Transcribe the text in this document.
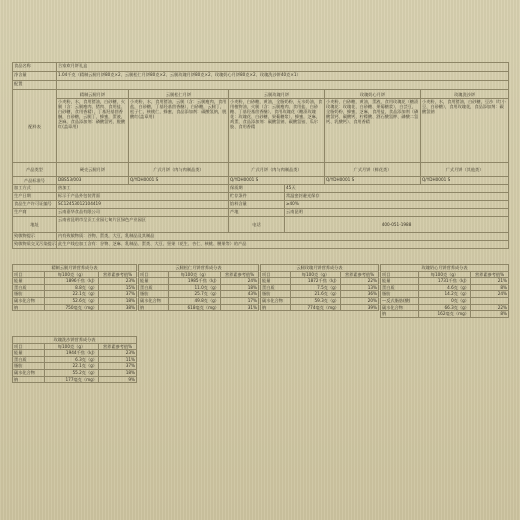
食品名称	合家欢月饼礼盒					
净含量	1.04千克（精制云腿月饼80克×2、云腿松仁月饼80克×2、云腿玫瑰月饼80克×2、玫瑰奶心月饼80克×2、玫瑰洗沙饼40克×1）					
配置						
配料表	精制云腿月饼	云腿松仁月饼	云腿玫瑰月饼		玫瑰奶心月饼	玫瑰洗沙饼
	小麦粉，水，食用猪油，白砂糖，火腿（含：云腿瘦肉、猪肉、食用盐、白砂糖，食用香精），丁基羟基茴香醚，白砂糖，云腿丁，蜂蜜，蛋液，芝麻，食品添加剂：磷酸氢钙，脱酸红(盖章用)	小麦粉，水，食用猪油，云腿（含：云腿瘦肉，食用盐，白砂糖，丁基羟基茴香醚），白砂糖，云腿丁，松子仁，核桃仁，蜂蜜，食品添加剂：碳酸氢钠，脱酸红(盖章用)	小麦粉，白砂糖，黄油，全脂奶粉，无水奶油，食用植物油，火腿（含：云腿瘦肉、食用盐、白砂糖、丁基羟基茴香醚），食用玫瑰花（糖渍玫瑰花：玫瑰花、白砂糖、果葡糖浆），蜂蜜，芝麻，鸡蛋，食品添加剂：碳酸氢钠、碳酸氢铵、瓜尔胶、食用香精		小麦粉，白砂糖，黄油，蛋液，食用玫瑰花（糖渍玫瑰花：玫瑰花、白砂糖、果葡糖浆），白芸豆，全脂奶粉，蜂蜜，芝麻，食用盐，食品添加剂（磷酸氢钙、碳酸钙、柠檬酸、酒石酸氢钾、磷酸二氢钙、乳酸钙）、食用香精	小麦粉，水，食用猪油，白砂糖，豆沙（红小豆，白砂糖），食用玫瑰花，食品添加剂：碳酸氢钠
产品类型	硬壳云腿月饼	广式月饼（肉与肉制品类）	广式月饼（肉与肉制品类）		广式月饼（鲜花类）	广式月饼（其他类）
产品标准号	DBS53/003	Q/YDH0001 S	Q/YDH0001 S		Q/YDH0001 S	Q/YDH0001 S
加工方式	热加工		保质期	45天		
生产日期	标示于产品外包装背面		贮存条件	常温密封避光保存		
食品生产许可证编号	SC12453012104419		馅料含量	≥40%		
生产商	云南嘉华食品有限公司		产地	云南昆明		
地址	云南省昆明市呈贡工业园七甸片区绿色产业园区		电话	400-051-1988		
致敏物提示	内有致敏物质：谷物，蛋类，大豆，乳制品及其制品					
致敏物质交叉污染提示	此生产线也加工含有：谷物、芝麻、乳制品、蛋类、大豆、坚果（花生、杏仁、核桃、腰果等）的产品					
精制云腿月饼营养成分表		
项目	每100克（g）	营养素参考值%
能量	1896千焦（kJ）	23%
蛋白质	8.8克（g）	15%
脂肪	22.1克（g）	37%
碳水化合物	52.6克（g）	18%
钠	750毫克（mg）	38%
云腿松仁月饼营养成分表		
项目	每100克（g）	营养素参考值%
能量	1985千焦（kJ）	24%
蛋白质	11.0克（g）	18%
脂肪	25.7克（g）	43%
碳水化合物	49.8克（g）	17%
钠	618毫克（mg）	31%
云腿玫瑰月饼营养成分表		
项目	每100克（g）	营养素参考值%
能量	1872千焦（kJ）	22%
蛋白质	7.5克（g）	13%
脂肪	21.6克（g）	36%
碳水化合物	59.3克（g）	20%
钠	774毫克（mg）	39%
玫瑰奶心月饼营养成分表		
项目	每100克（g）	营养素参考值%
能量	1731千焦（kJ）	21%
蛋白质	4.6克（g）	8%
脂肪	14.2克（g）	24%
—反式脂肪(酸)	0克（g）	
碳水化合物	66.3克（g）	22%
钠	162毫克（mg）	8%
玫瑰洗沙饼营养成分表		
项目	每100克（g）	营养素参考值%
能量	1944千焦（kJ）	23%
蛋白质	6.3克（g）	11%
脂肪	22.1克（g）	37%
碳水化合物	55.2克（g）	18%
钠	177毫克（mg）	9%
